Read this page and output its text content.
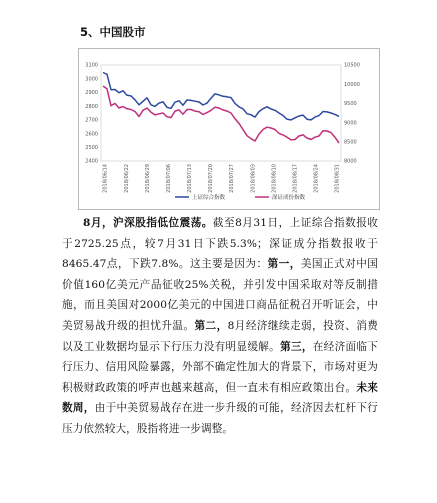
5、中国股市
3100
3000
2900
2800
2700
2600
2500
2400
10500
10000
9500
9000
8500
8000
2018/06/14	2018/06/22	2018/06/29	2018/07/06	2018/07/13	2018/07/20	2018/07/27	2018/08/03	2018/08/10	2018/08/17	2018/08/24	2018/08/31
上证综合指数	深证成份指数

8月，沪深股指低位震荡。截至8月31日，上证综合指数报收于2725.25点，较7月31日下跌5.3%；深证成分指数报收于8465.47点，下跌7.8%。这主要是因为：第一，美国正式对中国价值160亿美元产品征收25%关税，并引发中国采取对等反制措施，而且美国对2000亿美元的中国进口商品征税召开听证会，中美贸易战升级的担忧升温。第二，8月经济继续走弱，投资、消费以及工业数据均显示下行压力没有明显缓解。第三，在经济面临下行压力、信用风险暴露，外部不确定性加大的背景下，市场对更为积极财政政策的呼声也越来越高，但一直未有相应政策出台。未来数周，由于中美贸易战存在进一步升级的可能，经济因去杠杆下行压力依然较大，股指将进一步调整。
